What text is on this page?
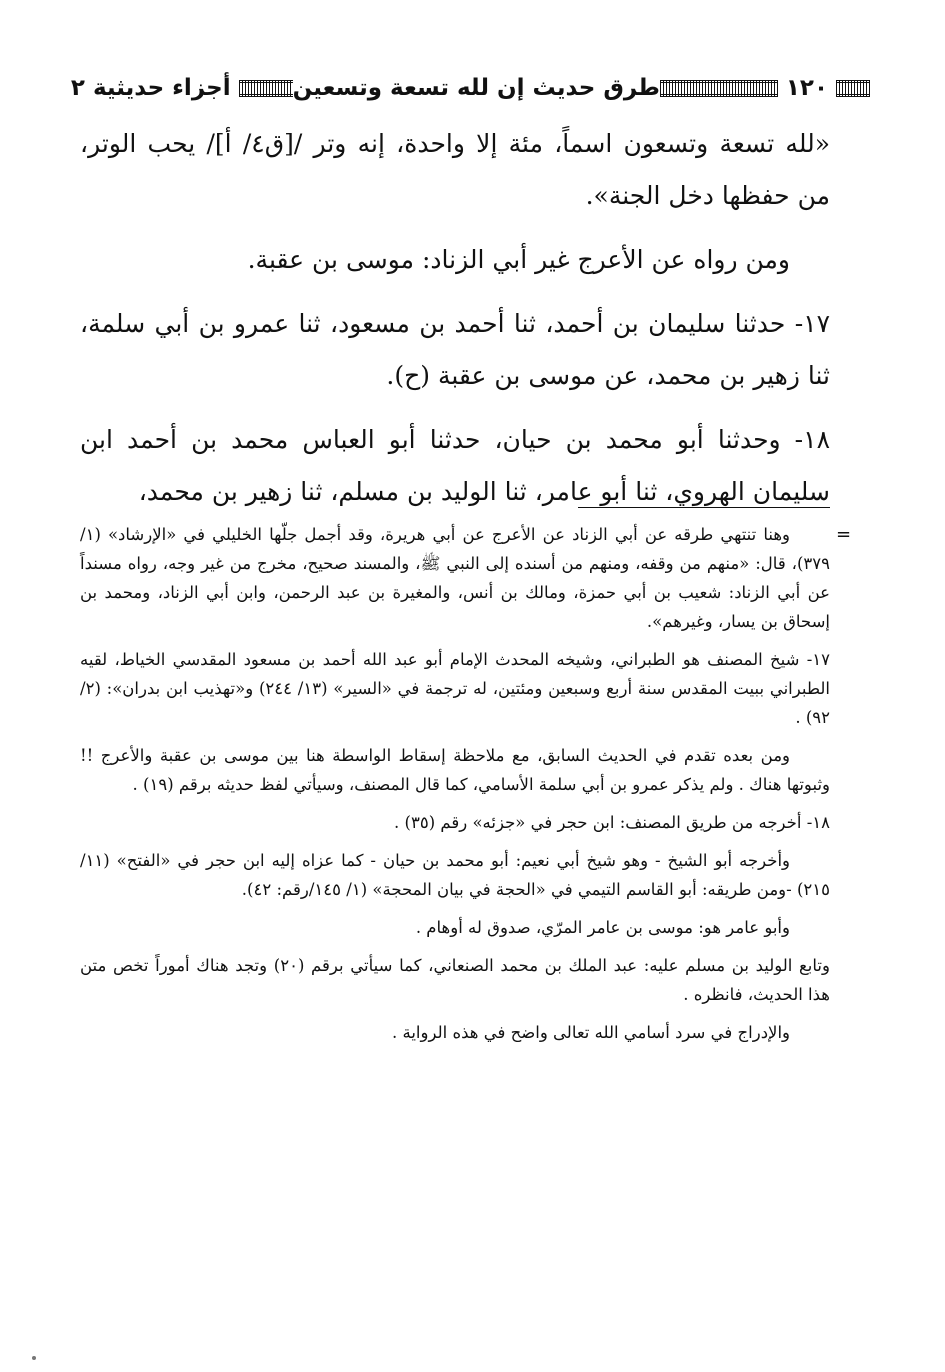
١٢٠
طرق حديث إن لله تسعة وتسعين
أجزاء حديثية ٢

«لله تسعة وتسعون اسماً، مئة إلا واحدة، إنه وتر /[ق٤/ أ]/ يحب الوتر، من حفظها دخل الجنة».

ومن رواه عن الأعرج غير أبي الزناد: موسى بن عقبة.

١٧- حدثنا سليمان بن أحمد، ثنا أحمد بن مسعود، ثنا عمرو بن أبي سلمة، ثنا زهير بن محمد، عن موسى بن عقبة (ح).

١٨- وحدثنا أبو محمد بن حيان، حدثنا أبو العباس محمد بن أحمد ابن سليمان الهروي، ثنا أبو عامر، ثنا الوليد بن مسلم، ثنا زهير بن محمد،

=

وهنا تنتهي طرقه عن أبي الزناد عن الأعرج عن أبي هريرة، وقد أجمل جلّها الخليلي في «الإرشاد» (١/ ٣٧٩)، قال: «منهم من وقفه، ومنهم من أسنده إلى النبي ﷺ، والمسند صحيح، مخرج من غير وجه، رواه مسنداً عن أبي الزناد: شعيب بن أبي حمزة، ومالك بن أنس، والمغيرة بن عبد الرحمن، وابن أبي الزناد، ومحمد بن إسحاق بن يسار، وغيرهم».

١٧- شيخ المصنف هو الطبراني، وشيخه المحدث الإمام أبو عبد الله أحمد بن مسعود المقدسي الخياط، لقيه الطبراني ببيت المقدس سنة أربع وسبعين ومئتين، له ترجمة في «السير» (١٣/ ٢٤٤) و«تهذيب ابن بدران»: (٢/ ٩٢) .

ومن بعده تقدم في الحديث السابق، مع ملاحظة إسقاط الواسطة هنا بين موسى بن عقبة والأعرج !! وثبوتها هناك . ولم يذكر عمرو بن أبي سلمة الأسامي، كما قال المصنف، وسيأتي لفظ حديثه برقم (١٩) .

١٨- أخرجه من طريق المصنف: ابن حجر في «جزئه» رقم (٣٥) .

وأخرجه أبو الشيخ - وهو شيخ أبي نعيم: أبو محمد بن حيان - كما عزاه إليه ابن حجر في «الفتح» (١١/ ٢١٥) -ومن طريقه: أبو القاسم التيمي في «الحجة في بيان المحجة» (١/ ١٤٥/رقم: ٤٢).

وأبو عامر هو: موسى بن عامر المرّي، صدوق له أوهام .

وتابع الوليد بن مسلم عليه: عبد الملك بن محمد الصنعاني، كما سيأتي برقم (٢٠) وتجد هناك أموراً تخص متن هذا الحديث، فانظره .

والإدراج في سرد أسامي الله تعالى واضح في هذه الرواية .
